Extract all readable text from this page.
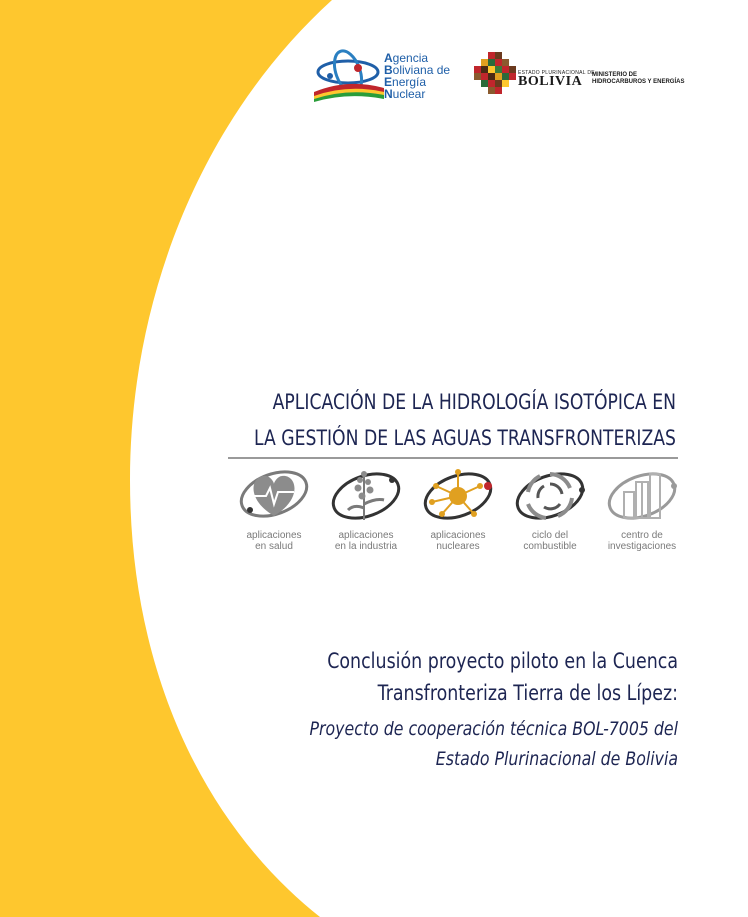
Agencia
Boliviana de
Energía
Nuclear
ESTADO PLURINACIONAL DE
BOLIVIA MINISTERIO DE
HIDROCARBUROS Y ENERGÍAS
APLICACIÓN DE LA HIDROLOGÍA ISOTÓPICA EN
LA GESTIÓN DE LAS AGUAS TRANSFRONTERIZAS
aplicaciones
en salud
aplicaciones
en la industria
aplicaciones
nucleares
ciclo del
combustible
centro de
investigaciones
Conclusión proyecto piloto en la Cuenca
Transfronteriza Tierra de los Lípez:
Proyecto de cooperación técnica BOL-7005 del
Estado Plurinacional de Bolivia
